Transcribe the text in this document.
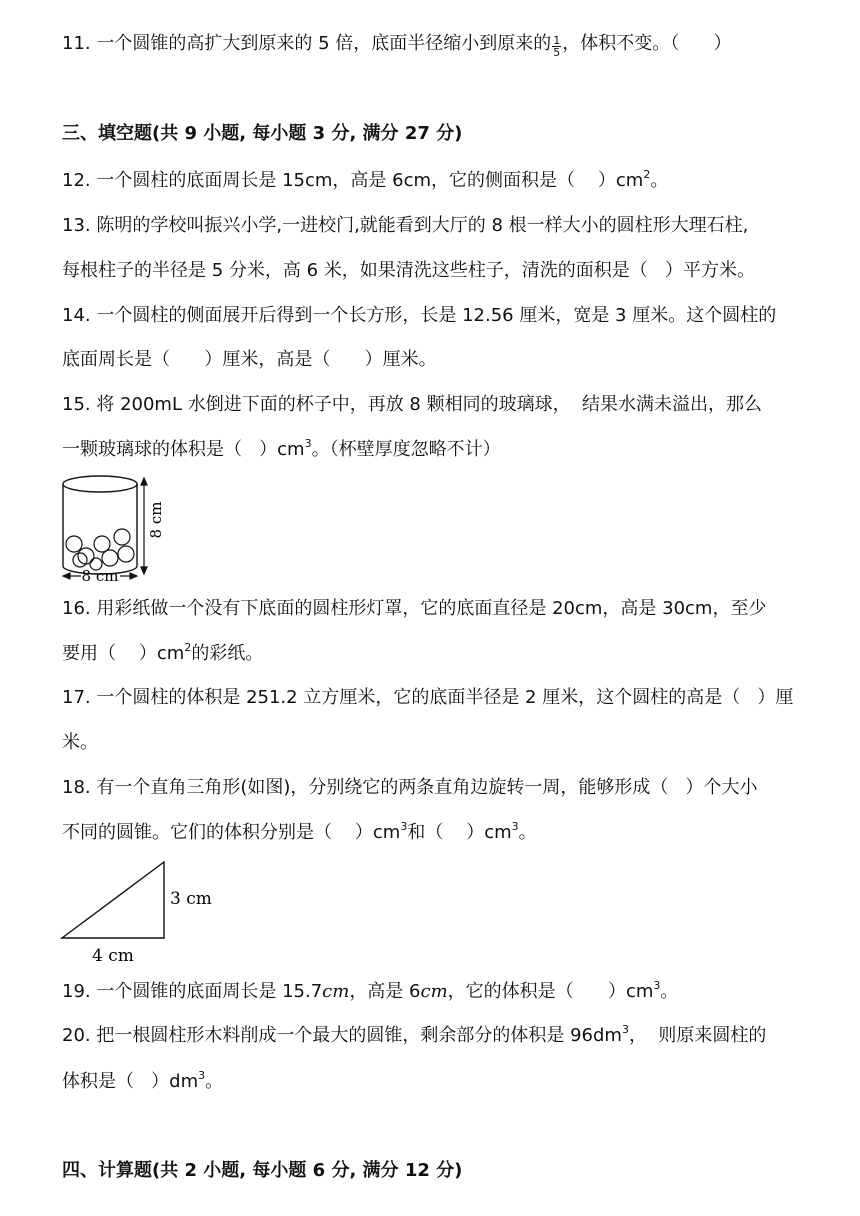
11. 一个圆锥的高扩大到原来的 5 倍，底面半径缩小到原来的 $\frac{1}{5}$ ，体积不变。（      ）
三、填空题(共 9 小题, 每小题 3 分, 满分 27 分)
12. 一个圆柱的底面周长是 15cm，高是 6cm，它的侧面积是（    ）$cm^2$。
13. 陈明的学校叫振兴小学,一进校门,就能看到大厅的 8 根一样大小的圆柱形大理石柱,
每根柱子的半径是 5 分米，高 6 米，如果清洗这些柱子，清洗的面积是（   ）平方米。
14. 一个圆柱的侧面展开后得到一个长方形，长是 12.56 厘米，宽是 3 厘米。这个圆柱的
底面周长是（      ）厘米，高是（      ）厘米。
15. 将 200mL 水倒进下面的杯子中，再放 8 颗相同的玻璃球，  结果水满未溢出，那么
一颗玻璃球的体积是（   ）$cm^3$。（杯壁厚度忽略不计）
8 cm
8 cm
16. 用彩纸做一个没有下底面的圆柱形灯罩，它的底面直径是 20cm，高是 30cm，至少
要用（    ）$cm^2$的彩纸。
17. 一个圆柱的体积是 251.2 立方厘米，它的底面半径是 2 厘米，这个圆柱的高是（   ）厘
米。
18. 有一个直角三角形(如图)，分别绕它的两条直角边旋转一周，能够形成（   ）个大小
不同的圆锥。它们的体积分别是（    ）$cm^3$和（    ）$cm^3$。
3 cm
4 cm
19. 一个圆锥的底面周长是 15.7cm，高是 6cm，它的体积是（      ）$cm^3$。
20. 把一根圆柱形木料削成一个最大的圆锥，剩余部分的体积是 $96dm^3$，  则原来圆柱的
体积是（   ）$dm^3$。
四、计算题(共 2 小题, 每小题 6 分, 满分 12 分)
